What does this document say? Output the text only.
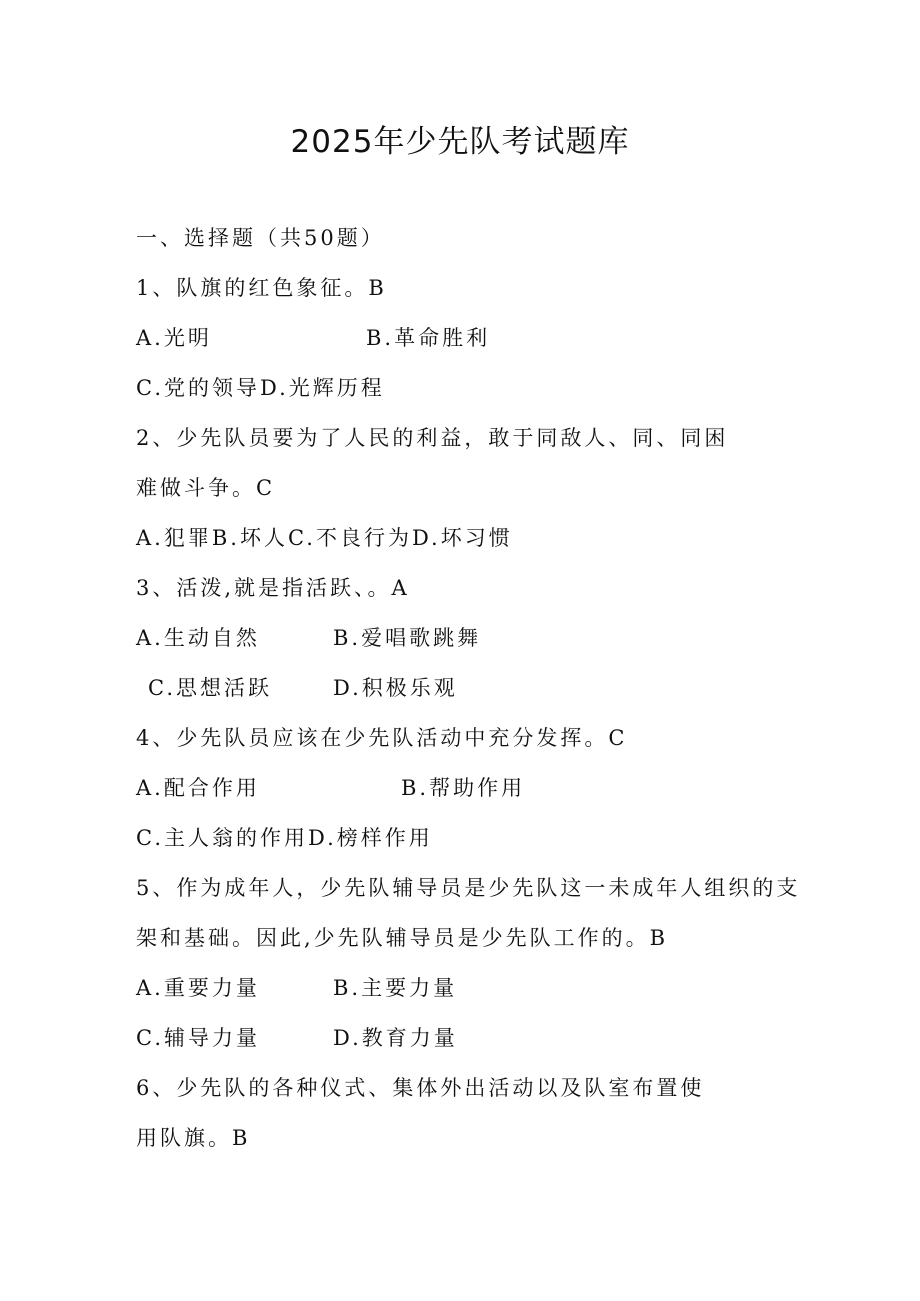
2025年少先队考试题库
一、选择题（共50题）
1、队旗的红色象征。B
A.光明	B.革命胜利
C.党的领导D.光辉历程
2、少先队员要为了人民的利益，敢于同敌人、同、同困
难做斗争。C
A.犯罪B.坏人C.不良行为D.坏习惯
3、活泼,就是指活跃、。A
A.生动自然	B.爱唱歌跳舞
C.思想活跃	D.积极乐观
4、少先队员应该在少先队活动中充分发挥。C
A.配合作用	B.帮助作用
C.主人翁的作用D.榜样作用
5、作为成年人，少先队辅导员是少先队这一未成年人组织的支
架和基础。因此,少先队辅导员是少先队工作的。B
A.重要力量	B.主要力量
C.辅导力量	D.教育力量
6、少先队的各种仪式、集体外出活动以及队室布置使
用队旗。B
